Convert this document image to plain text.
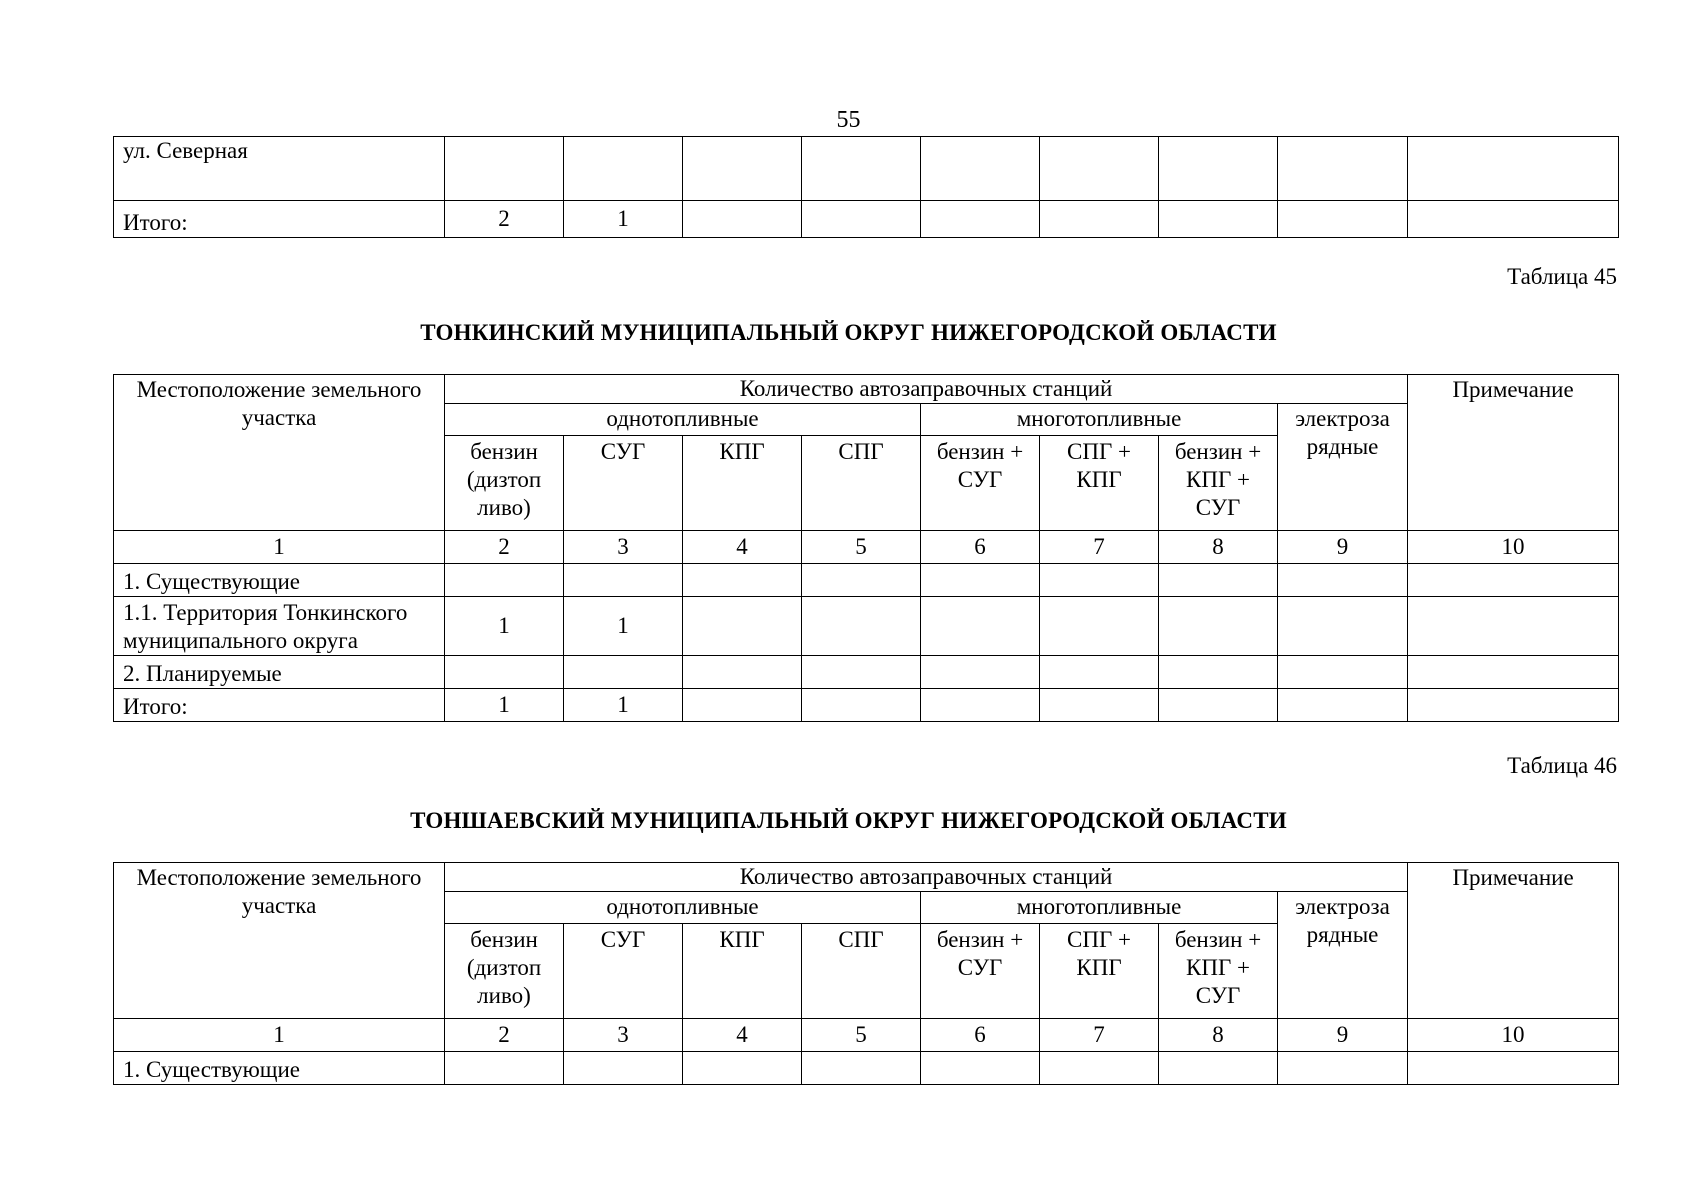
55
ул. Северная									
Итого:	2	1							
Таблица 45
ТОНКИНСКИЙ МУНИЦИПАЛЬНЫЙ ОКРУГ НИЖЕГОРОДСКОЙ ОБЛАСТИ
Местоположение земельного участка	Количество автозаправочных станций								Примечание
	однотопливные				многотопливные			электроза рядные	
	бензин (дизтоп ливо)	СУГ	КПГ	СПГ	бензин + СУГ	СПГ + КПГ	бензин + КПГ + СУГ		
1	2	3	4	5	6	7	8	9	10
1. Существующие									
1.1. Территория Тонкинского муниципального округа	1	1							
2. Планируемые									
Итого:	1	1							
Таблица 46
ТОНШАЕВСКИЙ МУНИЦИПАЛЬНЫЙ ОКРУГ НИЖЕГОРОДСКОЙ ОБЛАСТИ
Местоположение земельного участка	Количество автозаправочных станций								Примечание
	однотопливные				многотопливные			электроза рядные	
	бензин (дизтоп ливо)	СУГ	КПГ	СПГ	бензин + СУГ	СПГ + КПГ	бензин + КПГ + СУГ		
1	2	3	4	5	6	7	8	9	10
1. Существующие									
